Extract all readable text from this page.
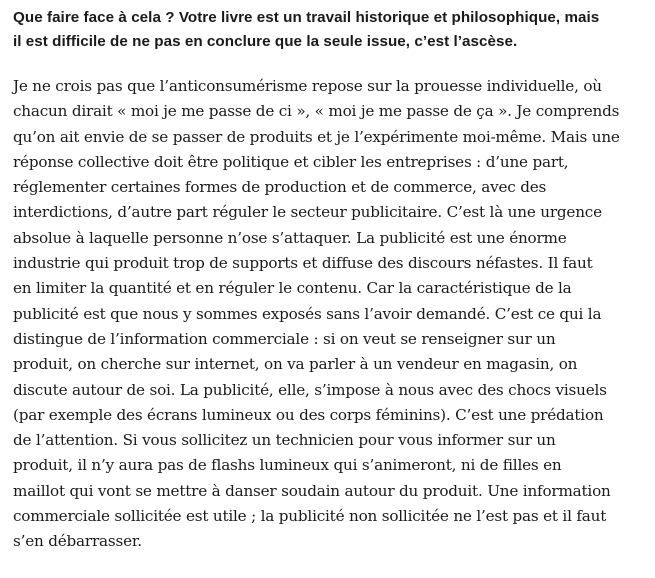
Que faire face à cela ? Votre livre est un travail historique et philosophique, mais
il est difficile de ne pas en conclure que la seule issue, c’est l’ascèse.

Je ne crois pas que l’anticonsumérisme repose sur la prouesse individuelle, où
chacun dirait « moi je me passe de ci », « moi je me passe de ça ». Je comprends
qu’on ait envie de se passer de produits et je l’expérimente moi-même. Mais une
réponse collective doit être politique et cibler les entreprises : d’une part,
réglementer certaines formes de production et de commerce, avec des
interdictions, d’autre part réguler le secteur publicitaire. C’est là une urgence
absolue à laquelle personne n’ose s’attaquer. La publicité est une énorme
industrie qui produit trop de supports et diffuse des discours néfastes. Il faut
en limiter la quantité et en réguler le contenu. Car la caractéristique de la
publicité est que nous y sommes exposés sans l’avoir demandé. C’est ce qui la
distingue de l’information commerciale : si on veut se renseigner sur un
produit, on cherche sur internet, on va parler à un vendeur en magasin, on
discute autour de soi. La publicité, elle, s’impose à nous avec des chocs visuels
(par exemple des écrans lumineux ou des corps féminins). C’est une prédation
de l’attention. Si vous sollicitez un technicien pour vous informer sur un
produit, il n’y aura pas de flashs lumineux qui s’animeront, ni de filles en
maillot qui vont se mettre à danser soudain autour du produit. Une information
commerciale sollicitée est utile ; la publicité non sollicitée ne l’est pas et il faut
s’en débarrasser.
